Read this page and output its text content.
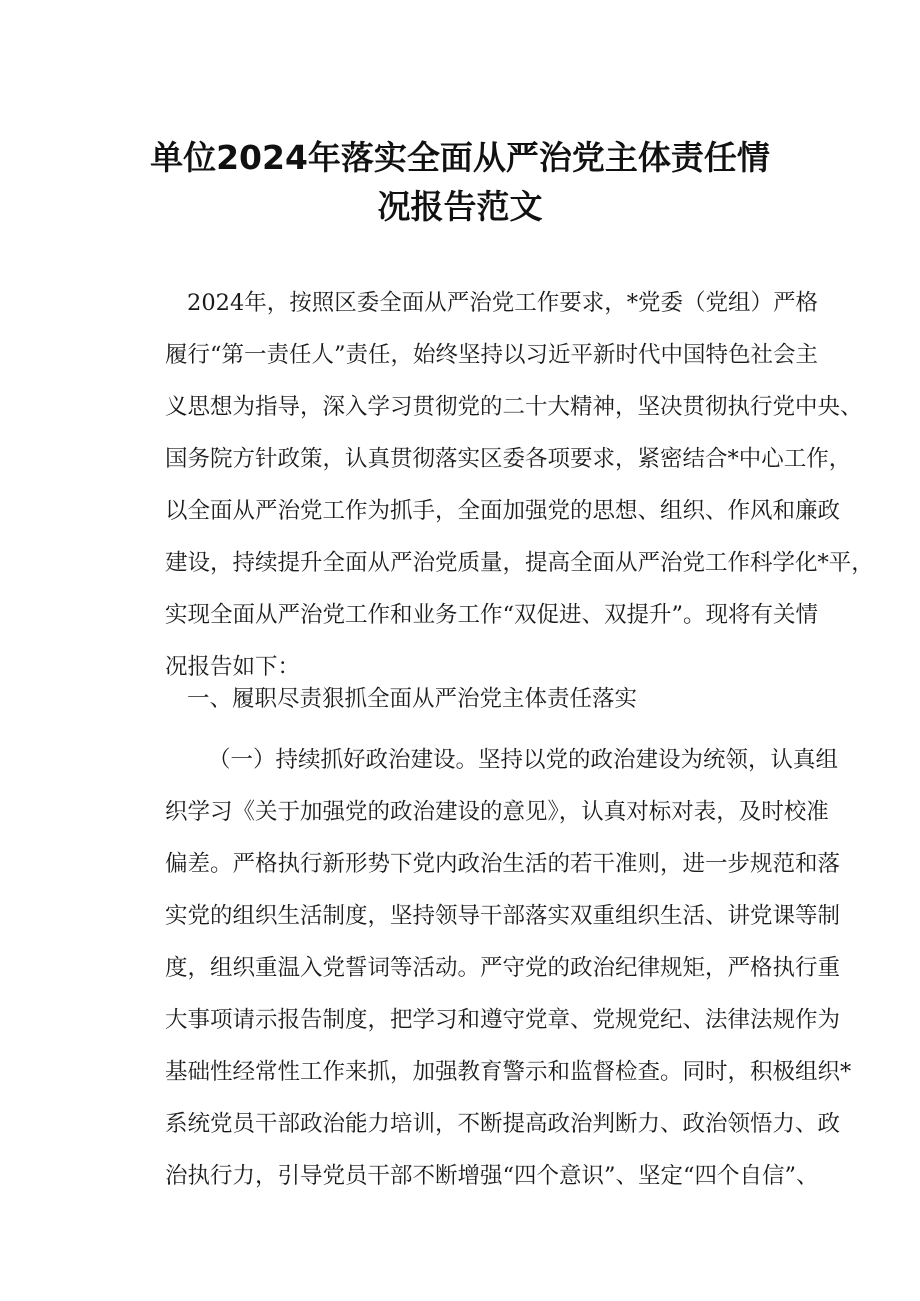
单位2024年落实全面从严治党主体责任情
况报告范文
2024年，按照区委全面从严治党工作要求，*党委（党组）严格
履行“第一责任人”责任，始终坚持以习近平新时代中国特色社会主
义思想为指导，深入学习贯彻党的二十大精神，坚决贯彻执行党中央、
国务院方针政策，认真贯彻落实区委各项要求，紧密结合*中心工作，
以全面从严治党工作为抓手，全面加强党的思想、组织、作风和廉政
建设，持续提升全面从严治党质量，提高全面从严治党工作科学化*平，
实现全面从严治党工作和业务工作“双促进、双提升”。现将有关情
况报告如下：
一、履职尽责狠抓全面从严治党主体责任落实
（一）持续抓好政治建设。坚持以党的政治建设为统领，认真组
织学习《关于加强党的政治建设的意见》，认真对标对表，及时校准
偏差。严格执行新形势下党内政治生活的若干准则，进一步规范和落
实党的组织生活制度，坚持领导干部落实双重组织生活、讲党课等制
度，组织重温入党誓词等活动。严守党的政治纪律规矩，严格执行重
大事项请示报告制度，把学习和遵守党章、党规党纪、法律法规作为
基础性经常性工作来抓，加强教育警示和监督检查。同时，积极组织*
系统党员干部政治能力培训，不断提高政治判断力、政治领悟力、政
治执行力，引导党员干部不断增强“四个意识”、坚定“四个自信”、
